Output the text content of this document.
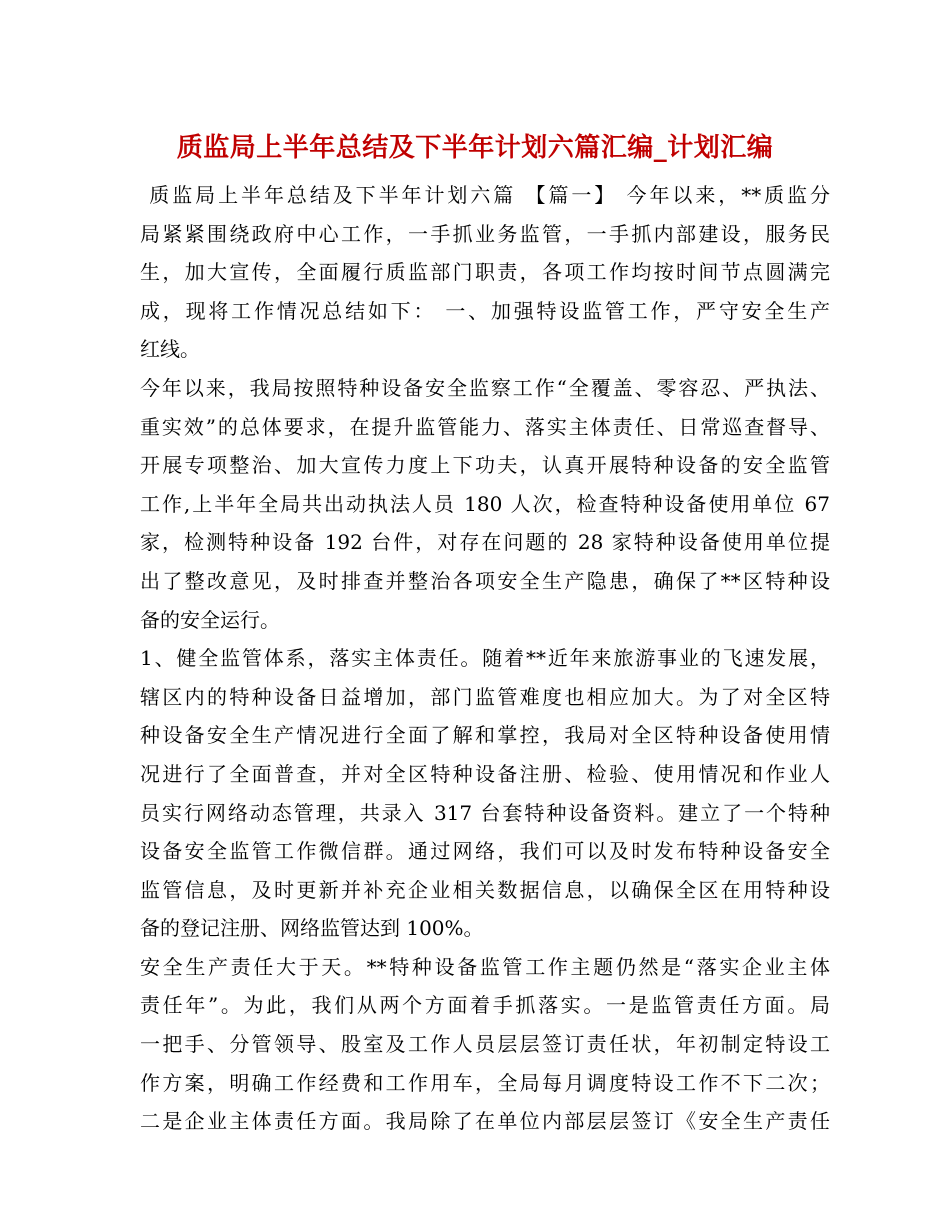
质监局上半年总结及下半年计划六篇汇编_计划汇编
质监局上半年总结及下半年计划六篇 【篇一】 今年以来，**质监分
局紧紧围绕政府中心工作，一手抓业务监管，一手抓内部建设，服务民
生，加大宣传，全面履行质监部门职责，各项工作均按时间节点圆满完
成，现将工作情况总结如下： 一、加强特设监管工作，严守安全生产
红线。
今年以来，我局按照特种设备安全监察工作“全覆盖、零容忍、严执法、
重实效”的总体要求，在提升监管能力、落实主体责任、日常巡查督导、
开展专项整治、加大宣传力度上下功夫，认真开展特种设备的安全监管
工作,上半年全局共出动执法人员 180 人次，检查特种设备使用单位 67
家，检测特种设备 192 台件，对存在问题的 28 家特种设备使用单位提
出了整改意见，及时排查并整治各项安全生产隐患，确保了**区特种设
备的安全运行。
1、健全监管体系，落实主体责任。随着**近年来旅游事业的飞速发展，
辖区内的特种设备日益增加，部门监管难度也相应加大。为了对全区特
种设备安全生产情况进行全面了解和掌控，我局对全区特种设备使用情
况进行了全面普查，并对全区特种设备注册、检验、使用情况和作业人
员实行网络动态管理，共录入 317 台套特种设备资料。建立了一个特种
设备安全监管工作微信群。通过网络，我们可以及时发布特种设备安全
监管信息，及时更新并补充企业相关数据信息，以确保全区在用特种设
备的登记注册、网络监管达到 100%。
安全生产责任大于天。**特种设备监管工作主题仍然是“落实企业主体
责任年”。为此，我们从两个方面着手抓落实。一是监管责任方面。局
一把手、分管领导、股室及工作人员层层签订责任状，年初制定特设工
作方案，明确工作经费和工作用车，全局每月调度特设工作不下二次；
二是企业主体责任方面。我局除了在单位内部层层签订《安全生产责任
